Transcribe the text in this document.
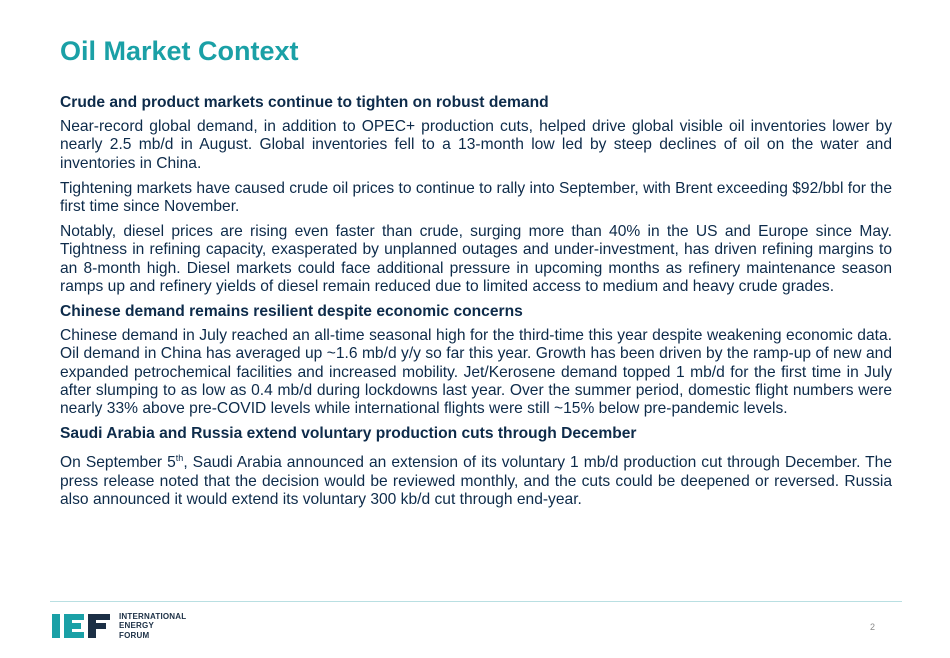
Oil Market Context
Crude and product markets continue to tighten on robust demand

Near-record global demand, in addition to OPEC+ production cuts, helped drive global visible oil inventories lower by nearly 2.5 mb/d in August. Global inventories fell to a 13-month low led by steep declines of oil on the water and inventories in China.

Tightening markets have caused crude oil prices to continue to rally into September, with Brent exceeding $92/bbl for the first time since November.

Notably, diesel prices are rising even faster than crude, surging more than 40% in the US and Europe since May. Tightness in refining capacity, exasperated by unplanned outages and under-investment, has driven refining margins to an 8-month high. Diesel markets could face additional pressure in upcoming months as refinery maintenance season ramps up and refinery yields of diesel remain reduced due to limited access to medium and heavy crude grades.

Chinese demand remains resilient despite economic concerns

Chinese demand in July reached an all-time seasonal high for the third-time this year despite weakening economic data. Oil demand in China has averaged up ~1.6 mb/d y/y so far this year. Growth has been driven by the ramp-up of new and expanded petrochemical facilities and increased mobility. Jet/Kerosene demand topped 1 mb/d for the first time in July after slumping to as low as 0.4 mb/d during lockdowns last year. Over the summer period, domestic flight numbers were nearly 33% above pre-COVID levels while international flights were still ~15% below pre-pandemic levels.

Saudi Arabia and Russia extend voluntary production cuts through December

On September 5th, Saudi Arabia announced an extension of its voluntary 1 mb/d production cut through December. The press release noted that the decision would be reviewed monthly, and the cuts could be deepened or reversed. Russia also announced it would extend its voluntary 300 kb/d cut through end-year.

INTERNATIONAL
ENERGY
FORUM
2
